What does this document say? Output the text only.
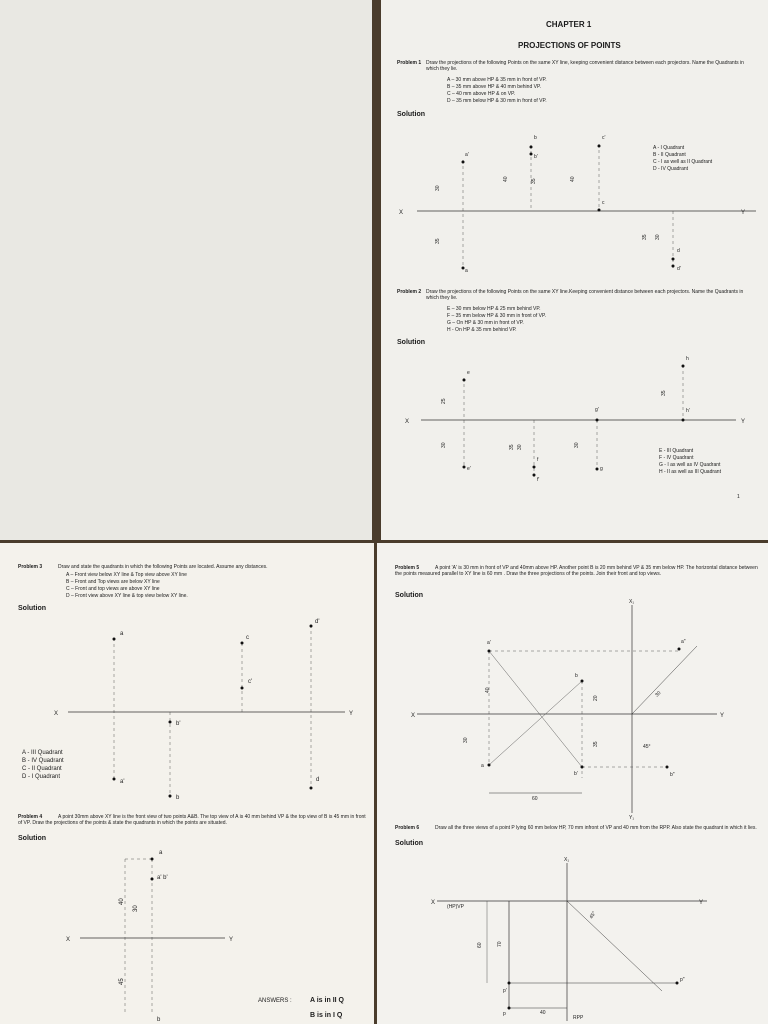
CHAPTER 1

PROJECTIONS OF POINTS

Problem 1 Draw the projections of the following Points on the same XY line, keeping convenient distance between each projectors. Name the Quadrants in which they lie.

A – 30 mm above HP & 35 mm in front of VP.

B – 35 mm above HP & 40 mm behind VP.

C – 40 mm above HP & on VP.

D – 35 mm below HP & 30 mm in front of VP.

Solution

A - I Quadrant

B - II Quadrant

C - I as well as II Quadrant

D - IV Quadrant

30
35
40	35	40
35 30
a'
a
b
b'
c'
c
d
d'
X	Y

Problem 2 Draw the projections of the following Points on the same XY line.Keeping convenient distance between each projectors. Name the Quadrants in which they lie.

E – 30 mm below HP & 25 mm behind VP.

F – 35 mm below HP & 30 mm in front of VP.

G – On HP & 30 mm in front of VP.

H - On HP & 35 mm behind VP.

Solution

E - III Quadrant

F - IV Quadrant

G - I as well as IV Quadrant

H - II as well as III Quadrant

1

25
30	35 30	30
35
e
e'
f
f'
g'
g
h
h'
X	Y

Problem 3	Draw and state the quadrants in which the following Points are located. Assume any distances.

A – Front view below XY line & Top view above XY line

B – Front and Top views are below XY line

C – Front and top views are above XY line

D – Front view above XY line & top view below XY line.

Solution

A - III Quadrant

B - IV Quadrant

C - II Quadrant

D - I Quadrant

Problem 4	A point 30mm above XY line is the front view of two points A&B. The top view of A is 40 mm behind VP & the top view of B is 45 mm in front of VP. Draw the projections of the points & state the quadrants in which the points are situated.

Solution

ANSWERS :	A is in II Q

B is in I Q

a
a'
b'
b
c
c'
d'
d
X	Y
a
a' b'
b
40
30
45
X	Y

Problem 5	A point 'A' is 30 mm in front of VP and 40mm above HP. Another point B is 20 mm behind VP & 35 mm below HP. The horizontal distance between the points measured parallel to XY line is 60 mm . Draw the three projections of the points. Join their front and top views.

Solution

Problem 6	Draw all the three views of a point P lying 60 mm below HP, 70 mm infront of VP and 40 mm from the RPP. Also state the quadrant in which it lies.

Solution

40
30
20
35
60
30
45°
a'
a
b
b'
a"
b"
X	Y
X₁
Y₁
X	Y
X₁
(HP)VP
60	70
45°
p'
p"
p	40
RPP
